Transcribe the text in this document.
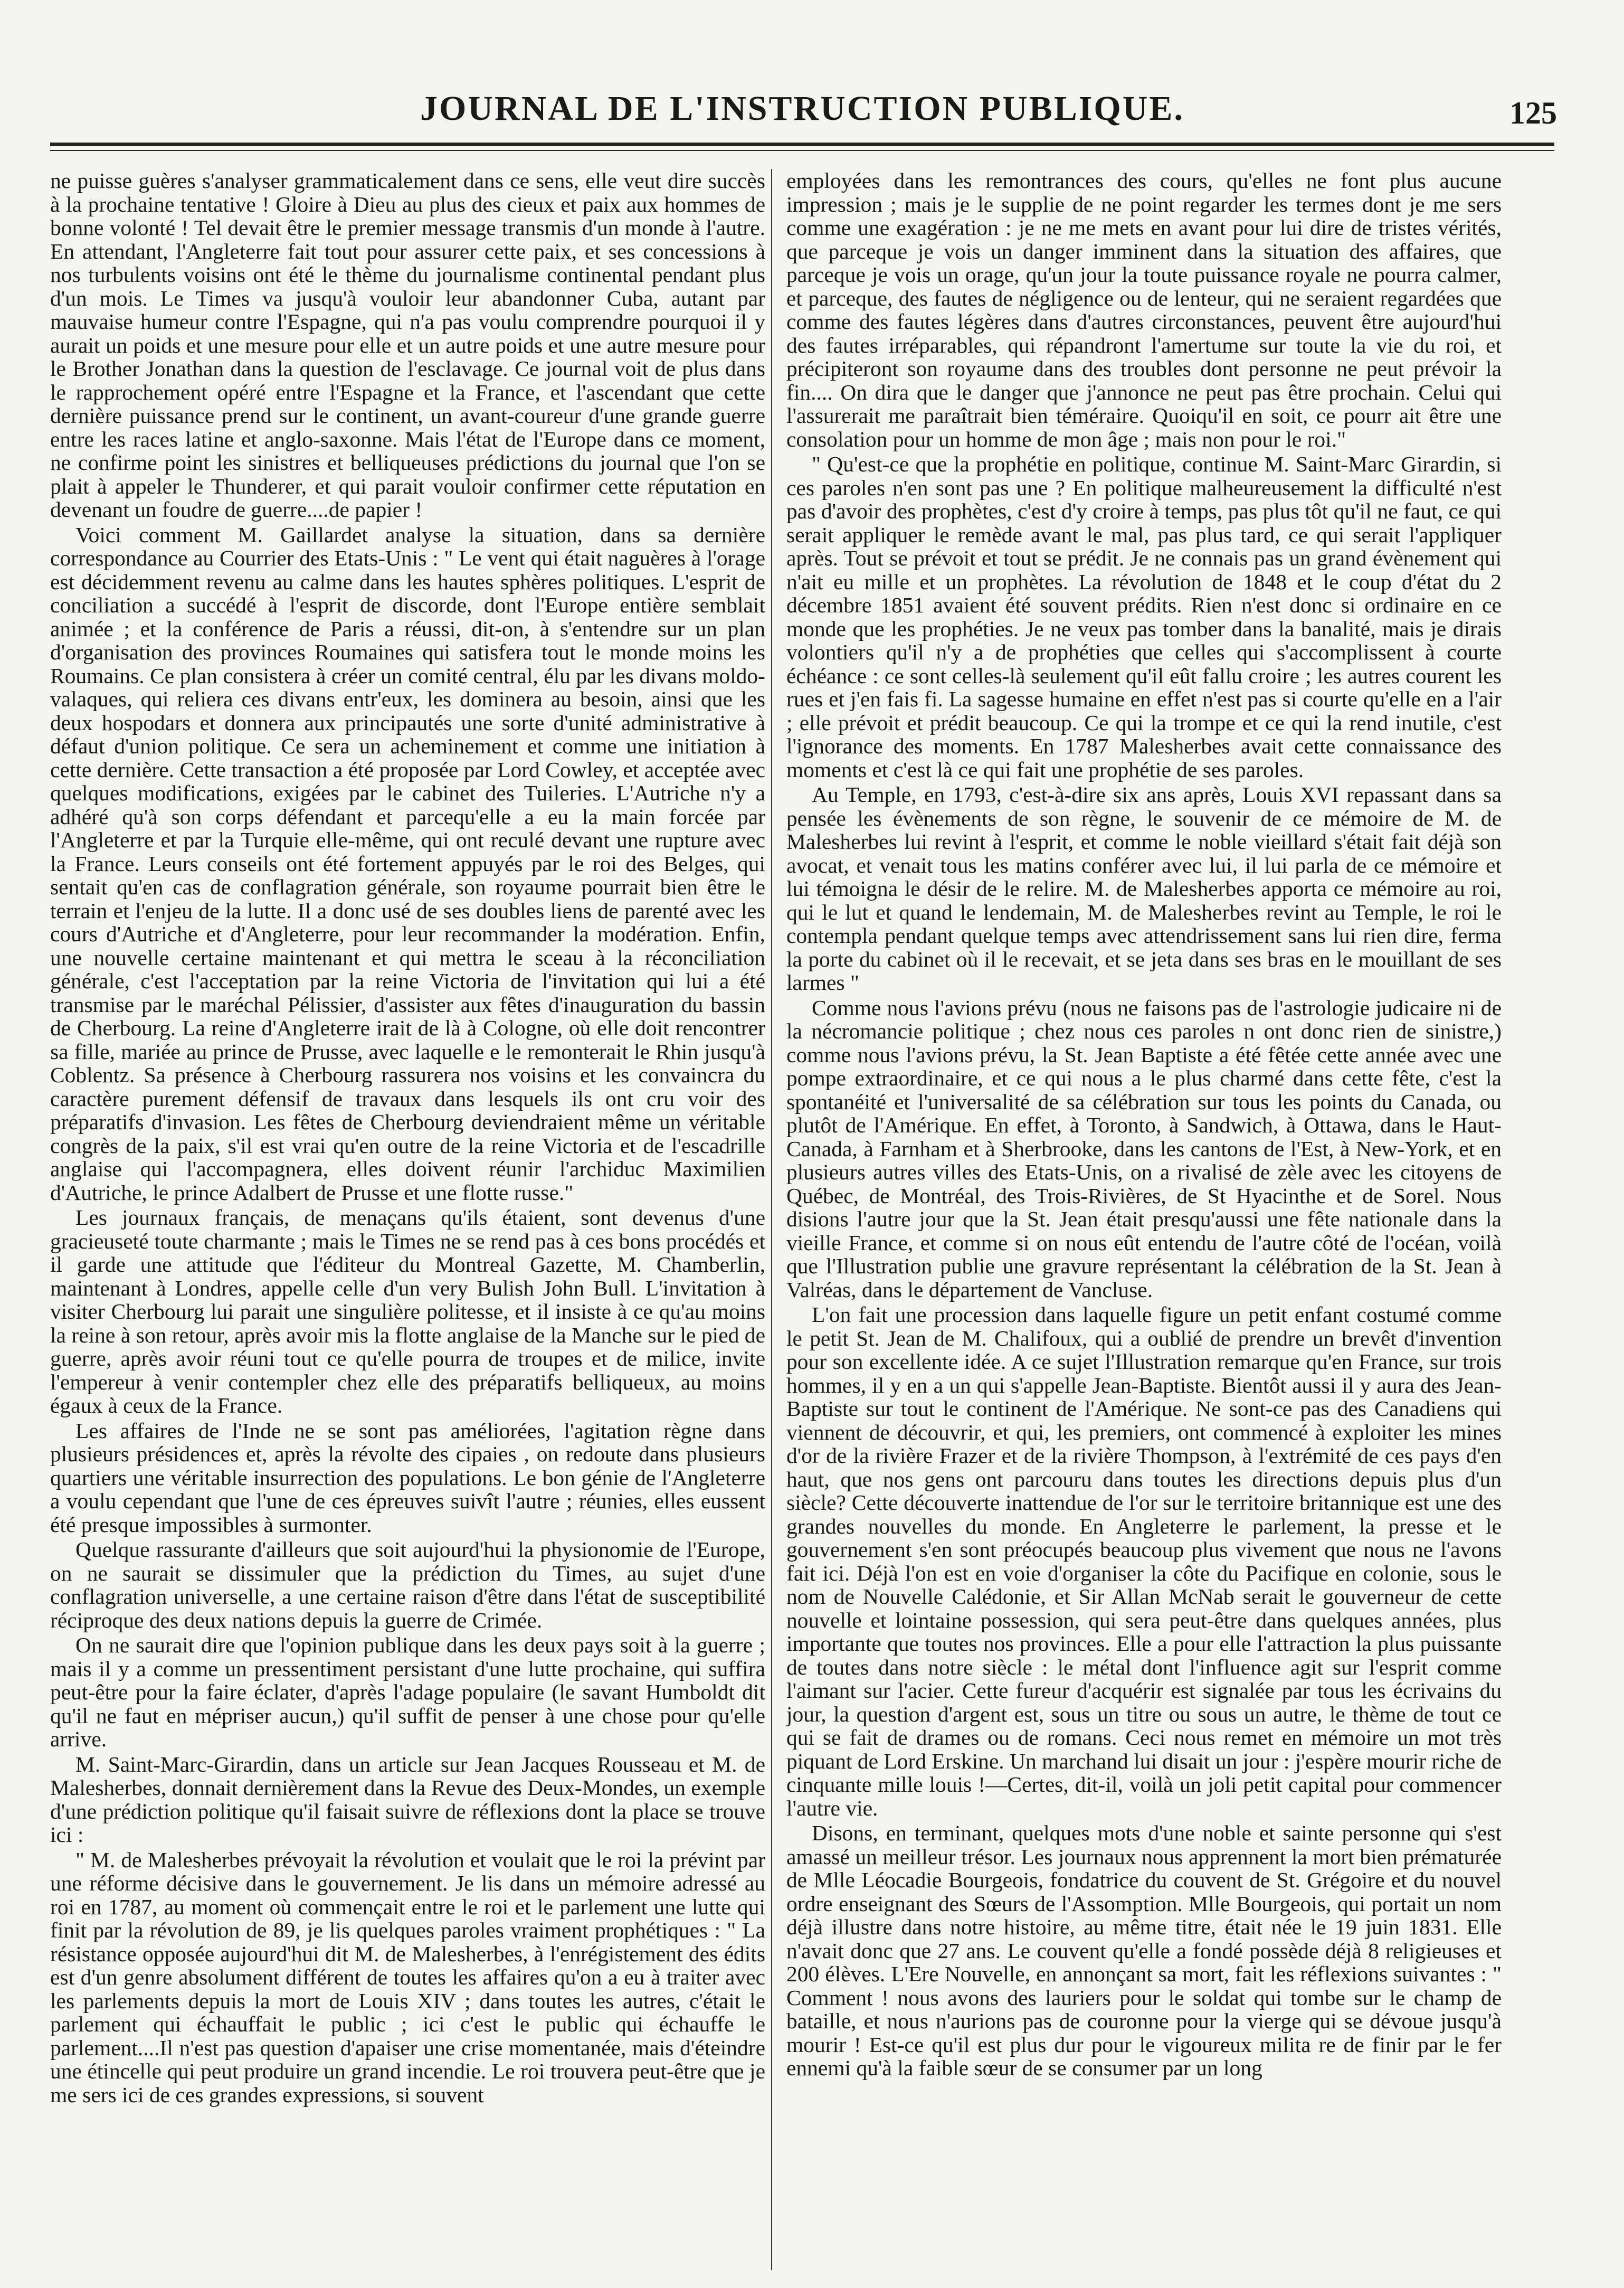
JOURNAL DE L'INSTRUCTION PUBLIQUE.	125

ne puisse guères s'analyser grammaticalement dans ce sens, elle veut dire succès à la prochaine tentative ! Gloire à Dieu au plus des cieux et paix aux hommes de bonne volonté ! Tel devait être le premier message transmis d'un monde à l'autre. En attendant, l'Angleterre fait tout pour assurer cette paix, et ses concessions à nos turbulents voisins ont été le thème du journalisme continental pendant plus d'un mois. Le Times va jusqu'à vouloir leur abandonner Cuba, autant par mauvaise humeur contre l'Espagne, qui n'a pas voulu comprendre pourquoi il y aurait un poids et une mesure pour elle et un autre poids et une autre mesure pour le Brother Jonathan dans la question de l'esclavage. Ce journal voit de plus dans le rapprochement opéré entre l'Espagne et la France, et l'ascendant que cette dernière puissance prend sur le continent, un avant-coureur d'une grande guerre entre les races latine et anglo-saxonne. Mais l'état de l'Europe dans ce moment, ne confirme point les sinistres et belliqueuses prédictions du journal que l'on se plait à appeler le Thunderer, et qui parait vouloir confirmer cette réputation en devenant un foudre de guerre....de papier !

Voici comment M. Gaillardet analyse la situation, dans sa dernière correspondance au Courrier des Etats-Unis : " Le vent qui était naguères à l'orage est décidemment revenu au calme dans les hautes sphères politiques. L'esprit de conciliation a succédé à l'esprit de discorde, dont l'Europe entière semblait animée ; et la conférence de Paris a réussi, dit-on, à s'entendre sur un plan d'organisation des provinces Roumaines qui satisfera tout le monde moins les Roumains. Ce plan consistera à créer un comité central, élu par les divans moldo-valaques, qui reliera ces divans entr'eux, les dominera au besoin, ainsi que les deux hospodars et donnera aux principautés une sorte d'unité administrative à défaut d'union politique. Ce sera un acheminement et comme une initiation à cette dernière. Cette transaction a été proposée par Lord Cowley, et acceptée avec quelques modifications, exigées par le cabinet des Tuileries. L'Autriche n'y a adhéré qu'à son corps défendant et parcequ'elle a eu la main forcée par l'Angleterre et par la Turquie elle-même, qui ont reculé devant une rupture avec la France. Leurs conseils ont été fortement appuyés par le roi des Belges, qui sentait qu'en cas de conflagration générale, son royaume pourrait bien être le terrain et l'enjeu de la lutte. Il a donc usé de ses doubles liens de parenté avec les cours d'Autriche et d'Angleterre, pour leur recommander la modération. Enfin, une nouvelle certaine maintenant et qui mettra le sceau à la réconciliation générale, c'est l'acceptation par la reine Victoria de l'invitation qui lui a été transmise par le maréchal Pélissier, d'assister aux fêtes d'inauguration du bassin de Cherbourg. La reine d'Angleterre irait de là à Cologne, où elle doit rencontrer sa fille, mariée au prince de Prusse, avec laquelle e le remonterait le Rhin jusqu'à Coblentz. Sa présence à Cherbourg rassurera nos voisins et les convaincra du caractère purement défensif de travaux dans lesquels ils ont cru voir des préparatifs d'invasion. Les fêtes de Cherbourg deviendraient même un véritable congrès de la paix, s'il est vrai qu'en outre de la reine Victoria et de l'escadrille anglaise qui l'accompagnera, elles doivent réunir l'archiduc Maximilien d'Autriche, le prince Adalbert de Prusse et une flotte russe."

Les journaux français, de menaçans qu'ils étaient, sont devenus d'une gracieuseté toute charmante ; mais le Times ne se rend pas à ces bons procédés et il garde une attitude que l'éditeur du Montreal Gazette, M. Chamberlin, maintenant à Londres, appelle celle d'un very Bulish John Bull. L'invitation à visiter Cherbourg lui parait une singulière politesse, et il insiste à ce qu'au moins la reine à son retour, après avoir mis la flotte anglaise de la Manche sur le pied de guerre, après avoir réuni tout ce qu'elle pourra de troupes et de milice, invite l'empereur à venir contempler chez elle des préparatifs belliqueux, au moins égaux à ceux de la France.

Les affaires de l'Inde ne se sont pas améliorées, l'agitation règne dans plusieurs présidences et, après la révolte des cipaies , on redoute dans plusieurs quartiers une véritable insurrection des populations. Le bon génie de l'Angleterre a voulu cependant que l'une de ces épreuves suivît l'autre ; réunies, elles eussent été presque impossibles à surmonter.

Quelque rassurante d'ailleurs que soit aujourd'hui la physionomie de l'Europe, on ne saurait se dissimuler que la prédiction du Times, au sujet d'une conflagration universelle, a une certaine raison d'être dans l'état de susceptibilité réciproque des deux nations depuis la guerre de Crimée.

On ne saurait dire que l'opinion publique dans les deux pays soit à la guerre ; mais il y a comme un pressentiment persistant d'une lutte prochaine, qui suffira peut-être pour la faire éclater, d'après l'adage populaire (le savant Humboldt dit qu'il ne faut en mépriser aucun,) qu'il suffit de penser à une chose pour qu'elle arrive.

M. Saint-Marc-Girardin, dans un article sur Jean Jacques Rousseau et M. de Malesherbes, donnait dernièrement dans la Revue des Deux-Mondes, un exemple d'une prédiction politique qu'il faisait suivre de réflexions dont la place se trouve ici :

" M. de Malesherbes prévoyait la révolution et voulait que le roi la prévint par une réforme décisive dans le gouvernement. Je lis dans un mémoire adressé au roi en 1787, au moment où commençait entre le roi et le parlement une lutte qui finit par la révolution de 89, je lis quelques paroles vraiment prophétiques : " La résistance opposée aujourd'hui dit M. de Malesherbes, à l'enrégistement des édits est d'un genre absolument différent de toutes les affaires qu'on a eu à traiter avec les parlements depuis la mort de Louis XIV ; dans toutes les autres, c'était le parlement qui échauffait le public ; ici c'est le public qui échauffe le parlement....Il n'est pas question d'apaiser une crise momentanée, mais d'éteindre une étincelle qui peut produire un grand incendie. Le roi trouvera peut-être que je me sers ici de ces grandes expressions, si souvent

employées dans les remontrances des cours, qu'elles ne font plus aucune impression ; mais je le supplie de ne point regarder les termes dont je me sers comme une exagération : je ne me mets en avant pour lui dire de tristes vérités, que parceque je vois un danger imminent dans la situation des affaires, que parceque je vois un orage, qu'un jour la toute puissance royale ne pourra calmer, et parceque, des fautes de négligence ou de lenteur, qui ne seraient regardées que comme des fautes légères dans d'autres circonstances, peuvent être aujourd'hui des fautes irréparables, qui répandront l'amertume sur toute la vie du roi, et précipiteront son royaume dans des troubles dont personne ne peut prévoir la fin.... On dira que le danger que j'annonce ne peut pas être prochain. Celui qui l'assurerait me paraîtrait bien téméraire. Quoiqu'il en soit, ce pourr ait être une consolation pour un homme de mon âge ; mais non pour le roi."

" Qu'est-ce que la prophétie en politique, continue M. Saint-Marc Girardin, si ces paroles n'en sont pas une ? En politique malheureusement la difficulté n'est pas d'avoir des prophètes, c'est d'y croire à temps, pas plus tôt qu'il ne faut, ce qui serait appliquer le remède avant le mal, pas plus tard, ce qui serait l'appliquer après. Tout se prévoit et tout se prédit. Je ne connais pas un grand évènement qui n'ait eu mille et un prophètes. La révolution de 1848 et le coup d'état du 2 décembre 1851 avaient été souvent prédits. Rien n'est donc si ordinaire en ce monde que les prophéties. Je ne veux pas tomber dans la banalité, mais je dirais volontiers qu'il n'y a de prophéties que celles qui s'accomplissent à courte échéance : ce sont celles-là seulement qu'il eût fallu croire ; les autres courent les rues et j'en fais fi. La sagesse humaine en effet n'est pas si courte qu'elle en a l'air ; elle prévoit et prédit beaucoup. Ce qui la trompe et ce qui la rend inutile, c'est l'ignorance des moments. En 1787 Malesherbes avait cette connaissance des moments et c'est là ce qui fait une prophétie de ses paroles.

Au Temple, en 1793, c'est-à-dire six ans après, Louis XVI repassant dans sa pensée les évènements de son règne, le souvenir de ce mémoire de M. de Malesherbes lui revint à l'esprit, et comme le noble vieillard s'était fait déjà son avocat, et venait tous les matins conférer avec lui, il lui parla de ce mémoire et lui témoigna le désir de le relire. M. de Malesherbes apporta ce mémoire au roi, qui le lut et quand le lendemain, M. de Malesherbes revint au Temple, le roi le contempla pendant quelque temps avec attendrissement sans lui rien dire, ferma la porte du cabinet où il le recevait, et se jeta dans ses bras en le mouillant de ses larmes "

Comme nous l'avions prévu (nous ne faisons pas de l'astrologie judicaire ni de la nécromancie politique ; chez nous ces paroles n ont donc rien de sinistre,) comme nous l'avions prévu, la St. Jean Baptiste a été fêtée cette année avec une pompe extraordinaire, et ce qui nous a le plus charmé dans cette fête, c'est la spontanéité et l'universalité de sa célébration sur tous les points du Canada, ou plutôt de l'Amérique. En effet, à Toronto, à Sandwich, à Ottawa, dans le Haut-Canada, à Farnham et à Sherbrooke, dans les cantons de l'Est, à New-York, et en plusieurs autres villes des Etats-Unis, on a rivalisé de zèle avec les citoyens de Québec, de Montréal, des Trois-Rivières, de St Hyacinthe et de Sorel. Nous disions l'autre jour que la St. Jean était presqu'aussi une fête nationale dans la vieille France, et comme si on nous eût entendu de l'autre côté de l'océan, voilà que l'Illustration publie une gravure représentant la célébration de la St. Jean à Valréas, dans le département de Vancluse.

L'on fait une procession dans laquelle figure un petit enfant costumé comme le petit St. Jean de M. Chalifoux, qui a oublié de prendre un brevêt d'invention pour son excellente idée. A ce sujet l'Illustration remarque qu'en France, sur trois hommes, il y en a un qui s'appelle Jean-Baptiste. Bientôt aussi il y aura des Jean-Baptiste sur tout le continent de l'Amérique. Ne sont-ce pas des Canadiens qui viennent de découvrir, et qui, les premiers, ont commencé à exploiter les mines d'or de la rivière Frazer et de la rivière Thompson, à l'extrémité de ces pays d'en haut, que nos gens ont parcouru dans toutes les directions depuis plus d'un siècle? Cette découverte inattendue de l'or sur le territoire britannique est une des grandes nouvelles du monde. En Angleterre le parlement, la presse et le gouvernement s'en sont préocupés beaucoup plus vivement que nous ne l'avons fait ici. Déjà l'on est en voie d'organiser la côte du Pacifique en colonie, sous le nom de Nouvelle Calédonie, et Sir Allan McNab serait le gouverneur de cette nouvelle et lointaine possession, qui sera peut-être dans quelques années, plus importante que toutes nos provinces. Elle a pour elle l'attraction la plus puissante de toutes dans notre siècle : le métal dont l'influence agit sur l'esprit comme l'aimant sur l'acier. Cette fureur d'acquérir est signalée par tous les écrivains du jour, la question d'argent est, sous un titre ou sous un autre, le thème de tout ce qui se fait de drames ou de romans. Ceci nous remet en mémoire un mot très piquant de Lord Erskine. Un marchand lui disait un jour : j'espère mourir riche de cinquante mille louis !—Certes, dit-il, voilà un joli petit capital pour commencer l'autre vie.

Disons, en terminant, quelques mots d'une noble et sainte personne qui s'est amassé un meilleur trésor. Les journaux nous apprennent la mort bien prématurée de Mlle Léocadie Bourgeois, fondatrice du couvent de St. Grégoire et du nouvel ordre enseignant des Sœurs de l'Assomption. Mlle Bourgeois, qui portait un nom déjà illustre dans notre histoire, au même titre, était née le 19 juin 1831. Elle n'avait donc que 27 ans. Le couvent qu'elle a fondé possède déjà 8 religieuses et 200 élèves. L'Ere Nouvelle, en annonçant sa mort, fait les réflexions suivantes : " Comment ! nous avons des lauriers pour le soldat qui tombe sur le champ de bataille, et nous n'aurions pas de couronne pour la vierge qui se dévoue jusqu'à mourir ! Est-ce qu'il est plus dur pour le vigoureux milita re de finir par le fer ennemi qu'à la faible sœur de se consumer par un long
